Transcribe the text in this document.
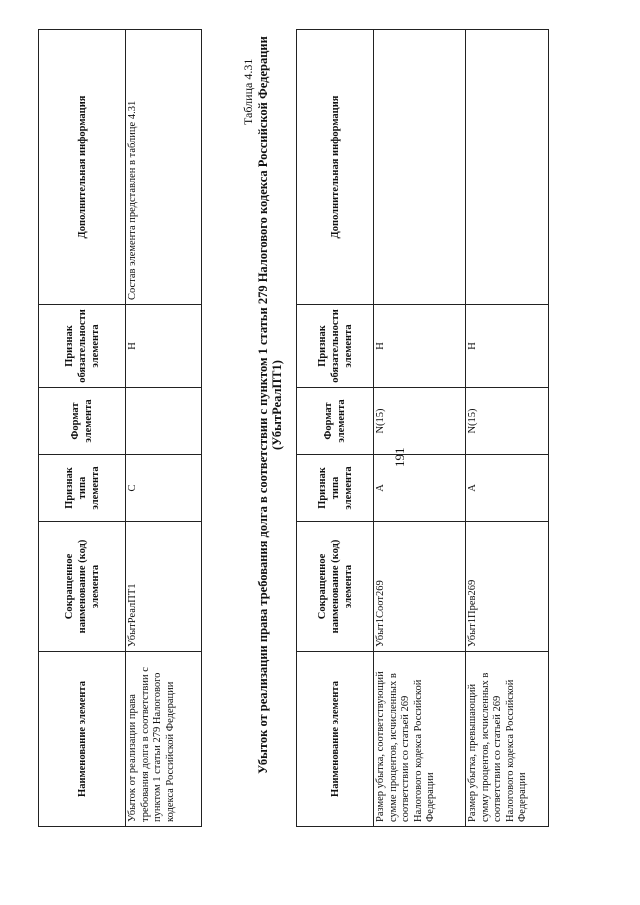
191
Наименование элемента	Сокращенное наименование (код) элемента	Признак типа элемента	Формат элемента	Признак обязательности элемента	Дополнительная информация
Убыток от реализации права требования долга в соответствии с пунктом 1 статьи 279 Налогового кодекса Российской Федерации	УбытРеалПТ1	С		Н	Состав элемента представлен в таблице 4.31
Таблица 4.31 Убыток от реализации права требования долга в соответствии с пунктом 1 статьи 279 Налогового кодекса Российской Федерации (УбытРеалПТ1)
Наименование элемента	Сокращенное наименование (код) элемента	Признак типа элемента	Формат элемента	Признак обязательности элемента	Дополнительная информация
Размер убытка, соответствующий сумме процентов, исчисленных в соответствии со статьей 269 Налогового кодекса Российской Федерации	Убыт1Соот269	А	N(15)	Н	
Размер убытка, превышающий сумму процентов, исчисленных в соответствии со статьей 269 Налогового кодекса Российской Федерации	Убыт1Прев269	А	N(15)	Н	
